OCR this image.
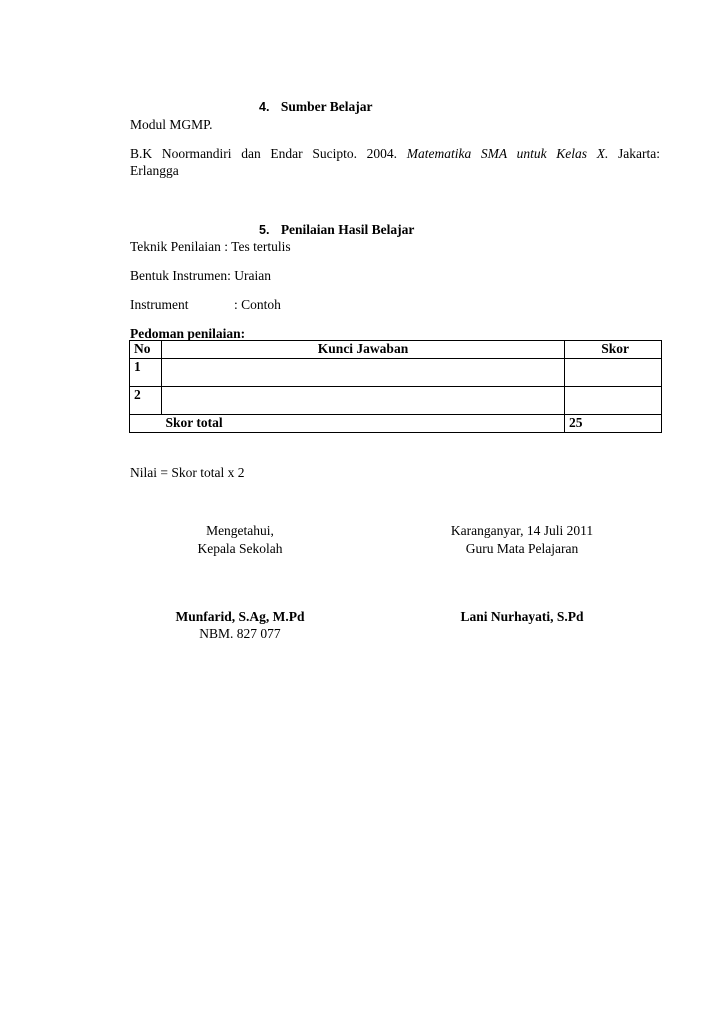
4. Sumber Belajar
Modul MGMP.
B.K Noormandiri dan Endar Sucipto. 2004. Matematika SMA untuk Kelas X. Jakarta:
Erlangga
5. Penilaian Hasil Belajar
Teknik Penilaian : Tes tertulis
Bentuk Instrumen: Uraian
Instrument	: Contoh
Pedoman penilaian:
No	Kunci Jawaban	Skor
1		
2		
	Skor total	25
Nilai = Skor total x 2
Mengetahui,
Kepala Sekolah
Munfarid, S.Ag, M.Pd
NBM. 827 077
Karanganyar, 14 Juli 2011
Guru Mata Pelajaran
Lani Nurhayati, S.Pd
